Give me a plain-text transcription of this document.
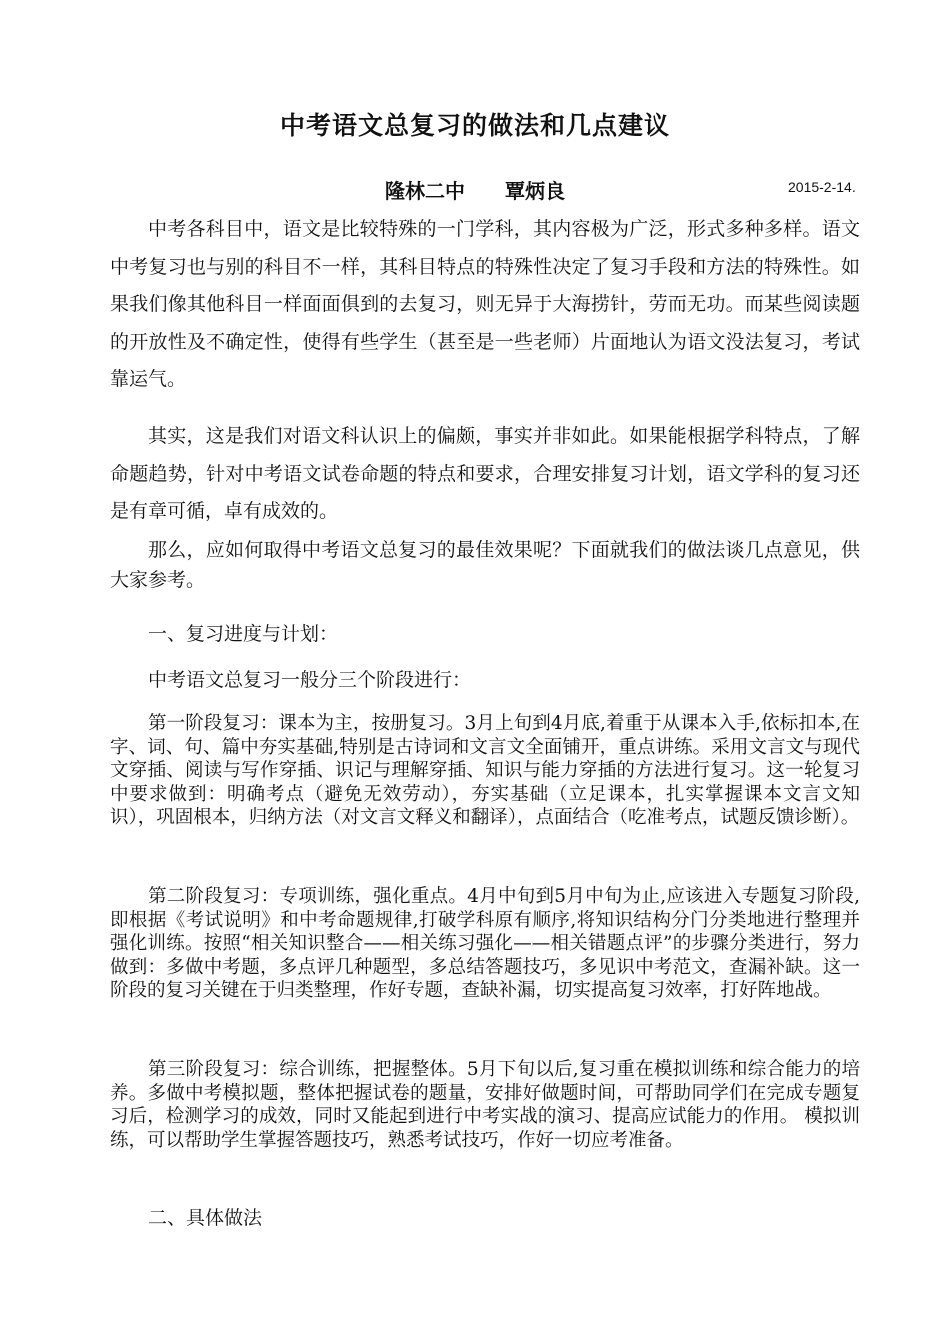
中考语文总复习的做法和几点建议
隆林二中 覃炳良	2015-2-14.

中考各科目中，语文是比较特殊的一门学科，其内容极为广泛，形式多种多样。语文中考复习也与别的科目不一样，其科目特点的特殊性决定了复习手段和方法的特殊性。如果我们像其他科目一样面面俱到的去复习，则无异于大海捞针，劳而无功。而某些阅读题的开放性及不确定性，使得有些学生（甚至是一些老师）片面地认为语文没法复习，考试靠运气。

其实，这是我们对语文科认识上的偏颇，事实并非如此。如果能根据学科特点，了解命题趋势，针对中考语文试卷命题的特点和要求，合理安排复习计划，语文学科的复习还是有章可循，卓有成效的。

那么，应如何取得中考语文总复习的最佳效果呢？下面就我们的做法谈几点意见，供大家参考。

一、复习进度与计划：
中考语文总复习一般分三个阶段进行：

第一阶段复习：课本为主，按册复习。3月上旬到4月底,着重于从课本入手,依标扣本,在字、词、句、篇中夯实基础,特别是古诗词和文言文全面铺开，重点讲练。采用文言文与现代文穿插、阅读与写作穿插、识记与理解穿插、知识与能力穿插的方法进行复习。这一轮复习中要求做到：明确考点（避免无效劳动），夯实基础（立足课本，扎实掌握课本文言文知识），巩固根本，归纳方法（对文言文释义和翻译），点面结合（吃准考点，试题反馈诊断）。

第二阶段复习：专项训练，强化重点。4月中旬到5月中旬为止,应该进入专题复习阶段,即根据《考试说明》和中考命题规律,打破学科原有顺序,将知识结构分门分类地进行整理并强化训练。按照“相关知识整合——相关练习强化——相关错题点评”的步骤分类进行，努力做到：多做中考题，多点评几种题型，多总结答题技巧，多见识中考范文，查漏补缺。这一阶段的复习关键在于归类整理，作好专题，查缺补漏，切实提高复习效率，打好阵地战。

第三阶段复习：综合训练，把握整体。5月下旬以后,复习重在模拟训练和综合能力的培养。多做中考模拟题，整体把握试卷的题量，安排好做题时间，可帮助同学们在完成专题复习后，检测学习的成效，同时又能起到进行中考实战的演习、提高应试能力的作用。 模拟训练，可以帮助学生掌握答题技巧，熟悉考试技巧，作好一切应考准备。

二、具体做法
